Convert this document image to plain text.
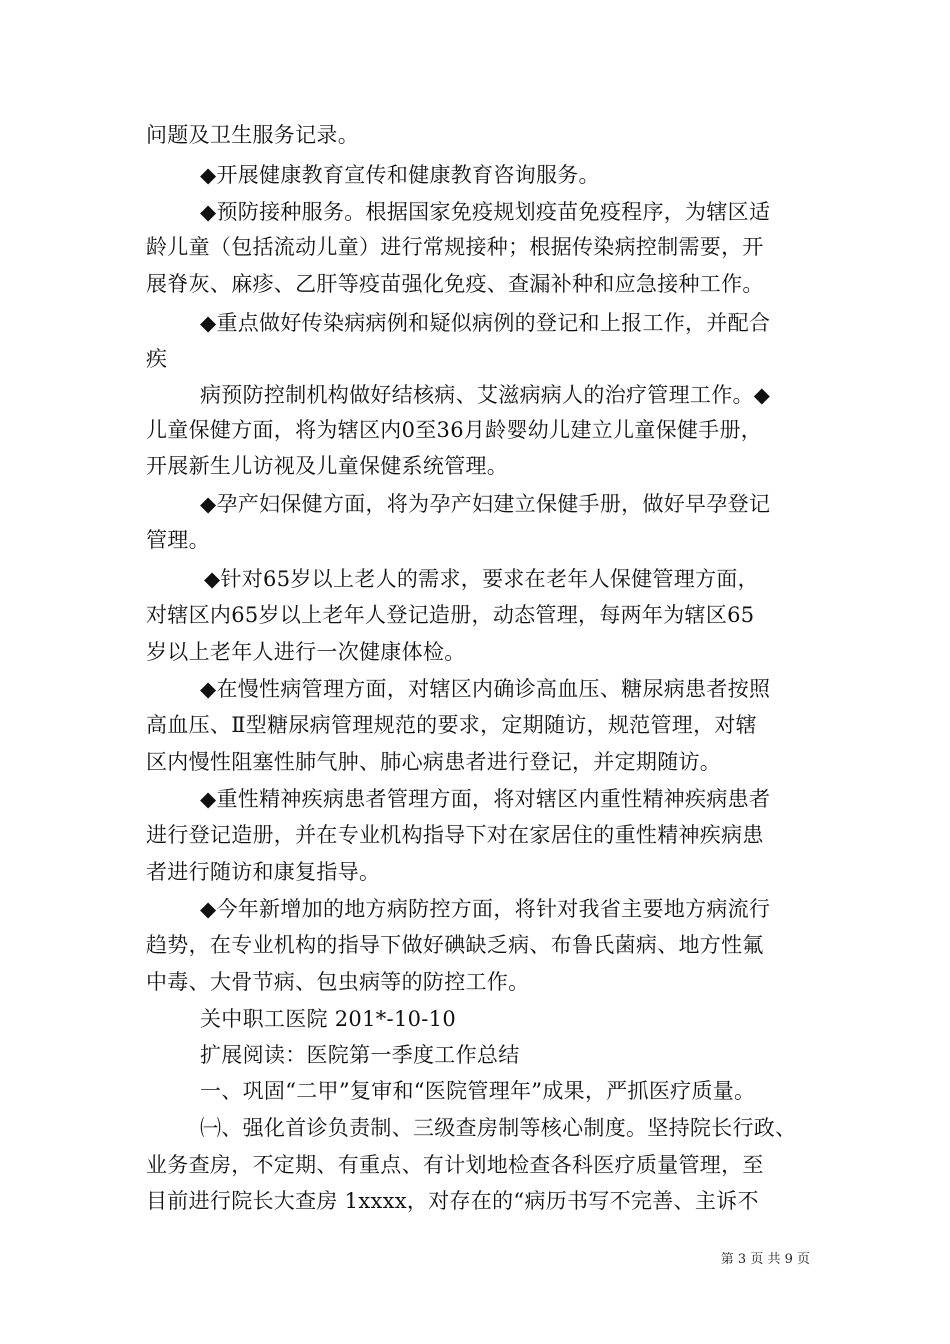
问题及卫生服务记录。
◆开展健康教育宣传和健康教育咨询服务。
◆预防接种服务。根据国家免疫规划疫苗免疫程序，为辖区适
龄儿童（包括流动儿童）进行常规接种；根据传染病控制需要，开
展脊灰、麻疹、乙肝等疫苗强化免疫、查漏补种和应急接种工作。
◆重点做好传染病病例和疑似病例的登记和上报工作，并配合
疾
病预防控制机构做好结核病、艾滋病病人的治疗管理工作。◆
儿童保健方面，将为辖区内0至36月龄婴幼儿建立儿童保健手册，
开展新生儿访视及儿童保健系统管理。
◆孕产妇保健方面，将为孕产妇建立保健手册，做好早孕登记
管理。
◆针对65岁以上老人的需求，要求在老年人保健管理方面，
对辖区内65岁以上老年人登记造册，动态管理，每两年为辖区65
岁以上老年人进行一次健康体检。
◆在慢性病管理方面，对辖区内确诊高血压、糖尿病患者按照
高血压、Ⅱ型糖尿病管理规范的要求，定期随访，规范管理，对辖
区内慢性阻塞性肺气肿、肺心病患者进行登记，并定期随访。
◆重性精神疾病患者管理方面，将对辖区内重性精神疾病患者
进行登记造册，并在专业机构指导下对在家居住的重性精神疾病患
者进行随访和康复指导。
◆今年新增加的地方病防控方面，将针对我省主要地方病流行
趋势，在专业机构的指导下做好碘缺乏病、布鲁氏菌病、地方性氟
中毒、大骨节病、包虫病等的防控工作。
关中职工医院 201*-10-10
扩展阅读：医院第一季度工作总结
一、巩固“二甲”复审和“医院管理年”成果，严抓医疗质量。
㈠、强化首诊负责制、三级查房制等核心制度。坚持院长行政、
业务查房，不定期、有重点、有计划地检查各科医疗质量管理，至
目前进行院长大查房 1xxxx，对存在的“病历书写不完善、主诉不
第 3 页 共 9 页
